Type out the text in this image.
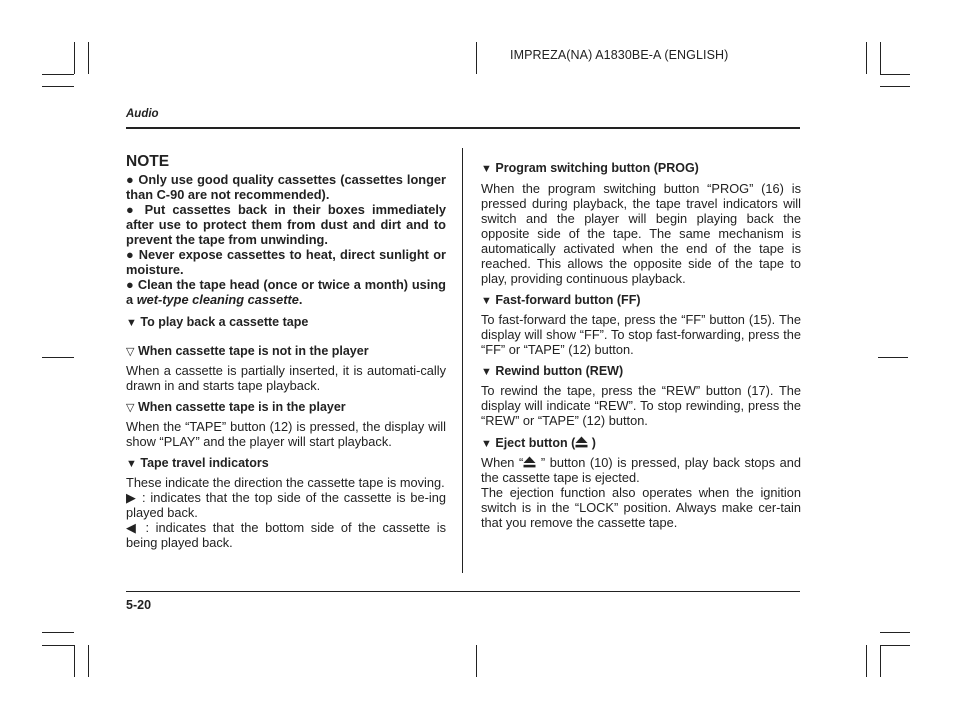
IMPREZA(NA) A1830BE-A (ENGLISH)
Audio
NOTE
● Only use good quality cassettes (cassettes longer than C-90 are not recommended).
● Put cassettes back in their boxes immediately after use to protect them from dust and dirt and to prevent the tape from unwinding.
● Never expose cassettes to heat, direct sunlight or moisture.
● Clean the tape head (once or twice a month) using a wet-type cleaning cassette.
▼ To play back a cassette tape
▽ When cassette tape is not in the player

When a cassette is partially inserted, it is automati-cally drawn in and starts tape playback.

▽ When cassette tape is in the player

When the “TAPE” button (12) is pressed, the display will show “PLAY” and the player will start playback.

▼ Tape travel indicators

These indicate the direction the cassette tape is moving.

▶ : indicates that the top side of the cassette is be-ing played back.

◀ : indicates that the bottom side of the cassette is being played back.

▼ Program switching button (PROG)

When the program switching button “PROG” (16) is pressed during playback, the tape travel indicators will switch and the player will begin playing back the opposite side of the tape. The same mechanism is automatically activated when the end of the tape is reached. This allows the opposite side of the tape to play, providing continuous playback.

▼ Fast-forward button (FF)

To fast-forward the tape, press the “FF” button (15). The display will show “FF”. To stop fast-forwarding, press the “FF” or “TAPE” (12) button.

▼ Rewind button (REW)

To rewind the tape, press the “REW” button (17). The display will indicate “REW”. To stop rewinding, press the “REW” or “TAPE” (12) button.

▼ Eject button ( )

When “ ” button (10) is pressed, play back stops and the cassette tape is ejected.

The ejection function also operates when the ignition switch is in the “LOCK” position. Always make cer-tain that you remove the cassette tape.

5-20
